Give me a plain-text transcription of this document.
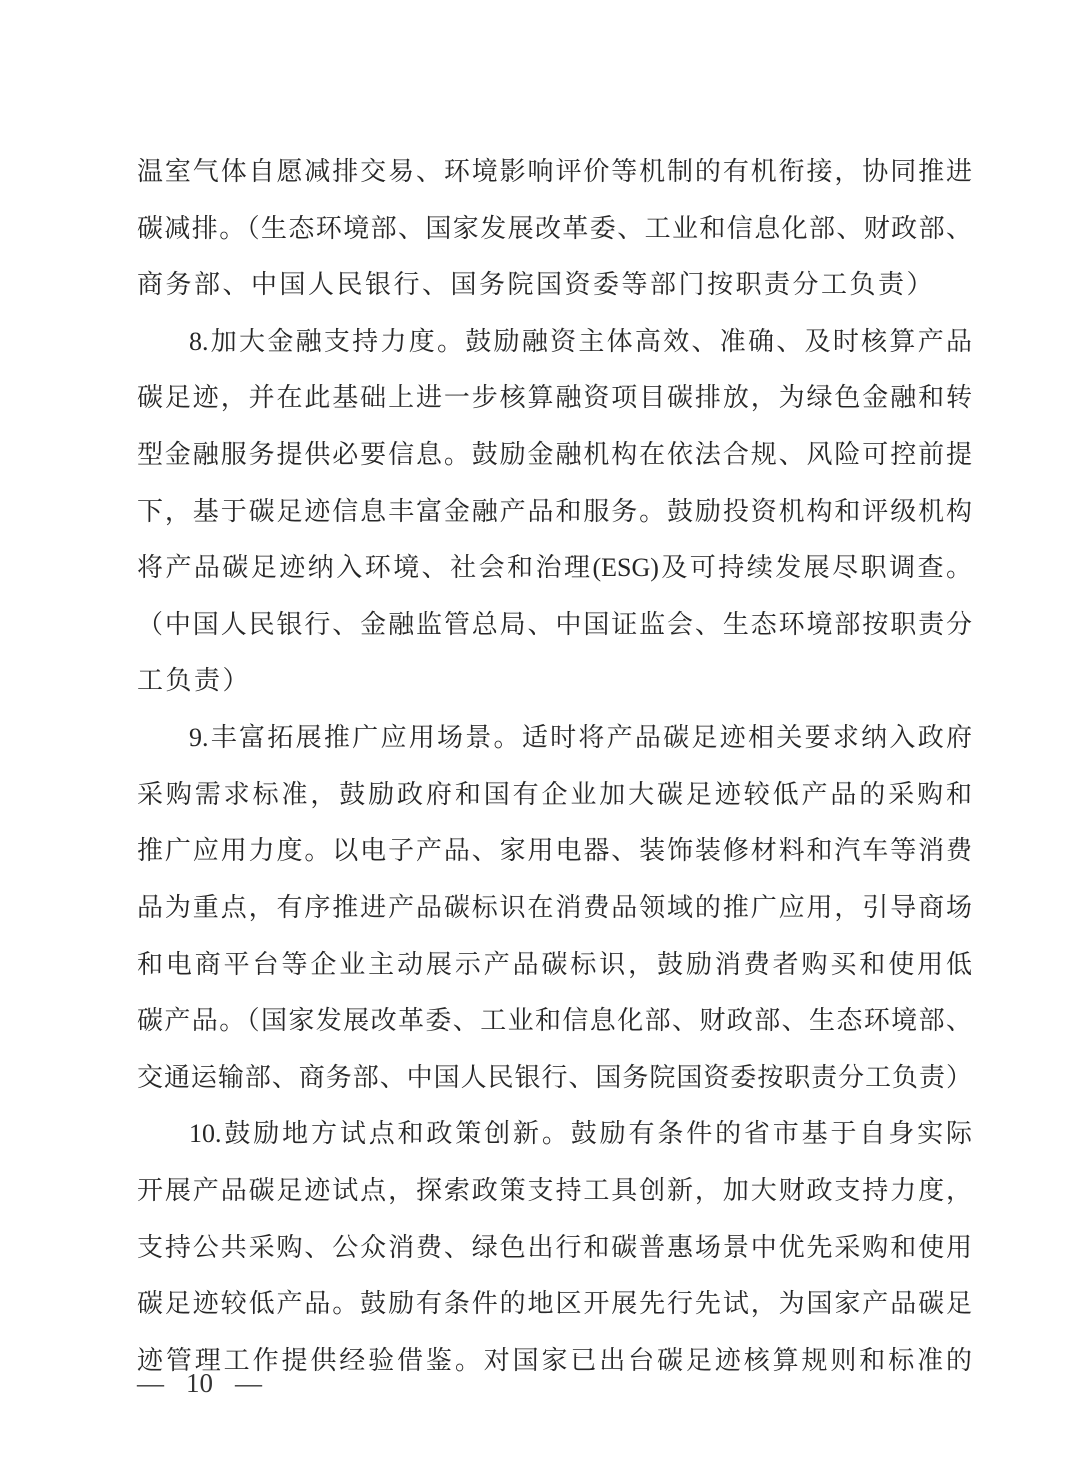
温室气体自愿减排交易、环境影响评价等机制的有机衔接，协同推进

碳减排。（生态环境部、国家发展改革委、工业和信息化部、财政部、

商务部、中国人民银行、国务院国资委等部门按职责分工负责）

8.加大金融支持力度。鼓励融资主体高效、准确、及时核算产品

碳足迹，并在此基础上进一步核算融资项目碳排放，为绿色金融和转

型金融服务提供必要信息。鼓励金融机构在依法合规、风险可控前提

下，基于碳足迹信息丰富金融产品和服务。鼓励投资机构和评级机构

将产品碳足迹纳入环境、社会和治理(ESG)及可持续发展尽职调查。

（中国人民银行、金融监管总局、中国证监会、生态环境部按职责分

工负责）

9.丰富拓展推广应用场景。适时将产品碳足迹相关要求纳入政府

采购需求标准，鼓励政府和国有企业加大碳足迹较低产品的采购和

推广应用力度。以电子产品、家用电器、装饰装修材料和汽车等消费

品为重点，有序推进产品碳标识在消费品领域的推广应用，引导商场

和电商平台等企业主动展示产品碳标识，鼓励消费者购买和使用低

碳产品。（国家发展改革委、工业和信息化部、财政部、生态环境部、

交通运输部、商务部、中国人民银行、国务院国资委按职责分工负责）

10.鼓励地方试点和政策创新。鼓励有条件的省市基于自身实际

开展产品碳足迹试点，探索政策支持工具创新，加大财政支持力度，

支持公共采购、公众消费、绿色出行和碳普惠场景中优先采购和使用

碳足迹较低产品。鼓励有条件的地区开展先行先试，为国家产品碳足

迹管理工作提供经验借鉴。对国家已出台碳足迹核算规则和标准的

— 10 —
